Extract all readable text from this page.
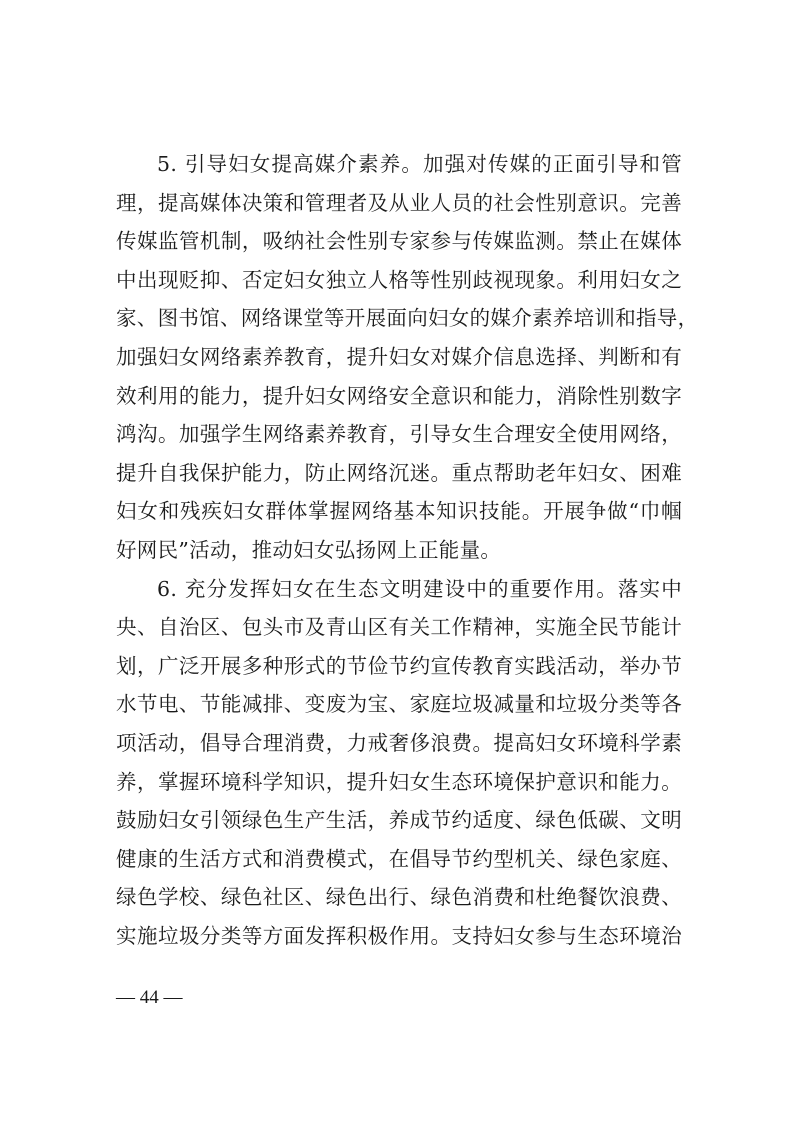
5. 引导妇女提高媒介素养。加强对传媒的正面引导和管
理，提高媒体决策和管理者及从业人员的社会性别意识。完善
传媒监管机制，吸纳社会性别专家参与传媒监测。禁止在媒体
中出现贬抑、否定妇女独立人格等性别歧视现象。利用妇女之
家、图书馆、网络课堂等开展面向妇女的媒介素养培训和指导，
加强妇女网络素养教育，提升妇女对媒介信息选择、判断和有
效利用的能力，提升妇女网络安全意识和能力，消除性别数字
鸿沟。加强学生网络素养教育，引导女生合理安全使用网络，
提升自我保护能力，防止网络沉迷。重点帮助老年妇女、困难
妇女和残疾妇女群体掌握网络基本知识技能。开展争做“巾帼
好网民”活动，推动妇女弘扬网上正能量。
6. 充分发挥妇女在生态文明建设中的重要作用。落实中
央、自治区、包头市及青山区有关工作精神，实施全民节能计
划，广泛开展多种形式的节俭节约宣传教育实践活动，举办节
水节电、节能减排、变废为宝、家庭垃圾减量和垃圾分类等各
项活动，倡导合理消费，力戒奢侈浪费。提高妇女环境科学素
养，掌握环境科学知识，提升妇女生态环境保护意识和能力。
鼓励妇女引领绿色生产生活，养成节约适度、绿色低碳、文明
健康的生活方式和消费模式，在倡导节约型机关、绿色家庭、
绿色学校、绿色社区、绿色出行、绿色消费和杜绝餐饮浪费、
实施垃圾分类等方面发挥积极作用。支持妇女参与生态环境治
— 44 —
